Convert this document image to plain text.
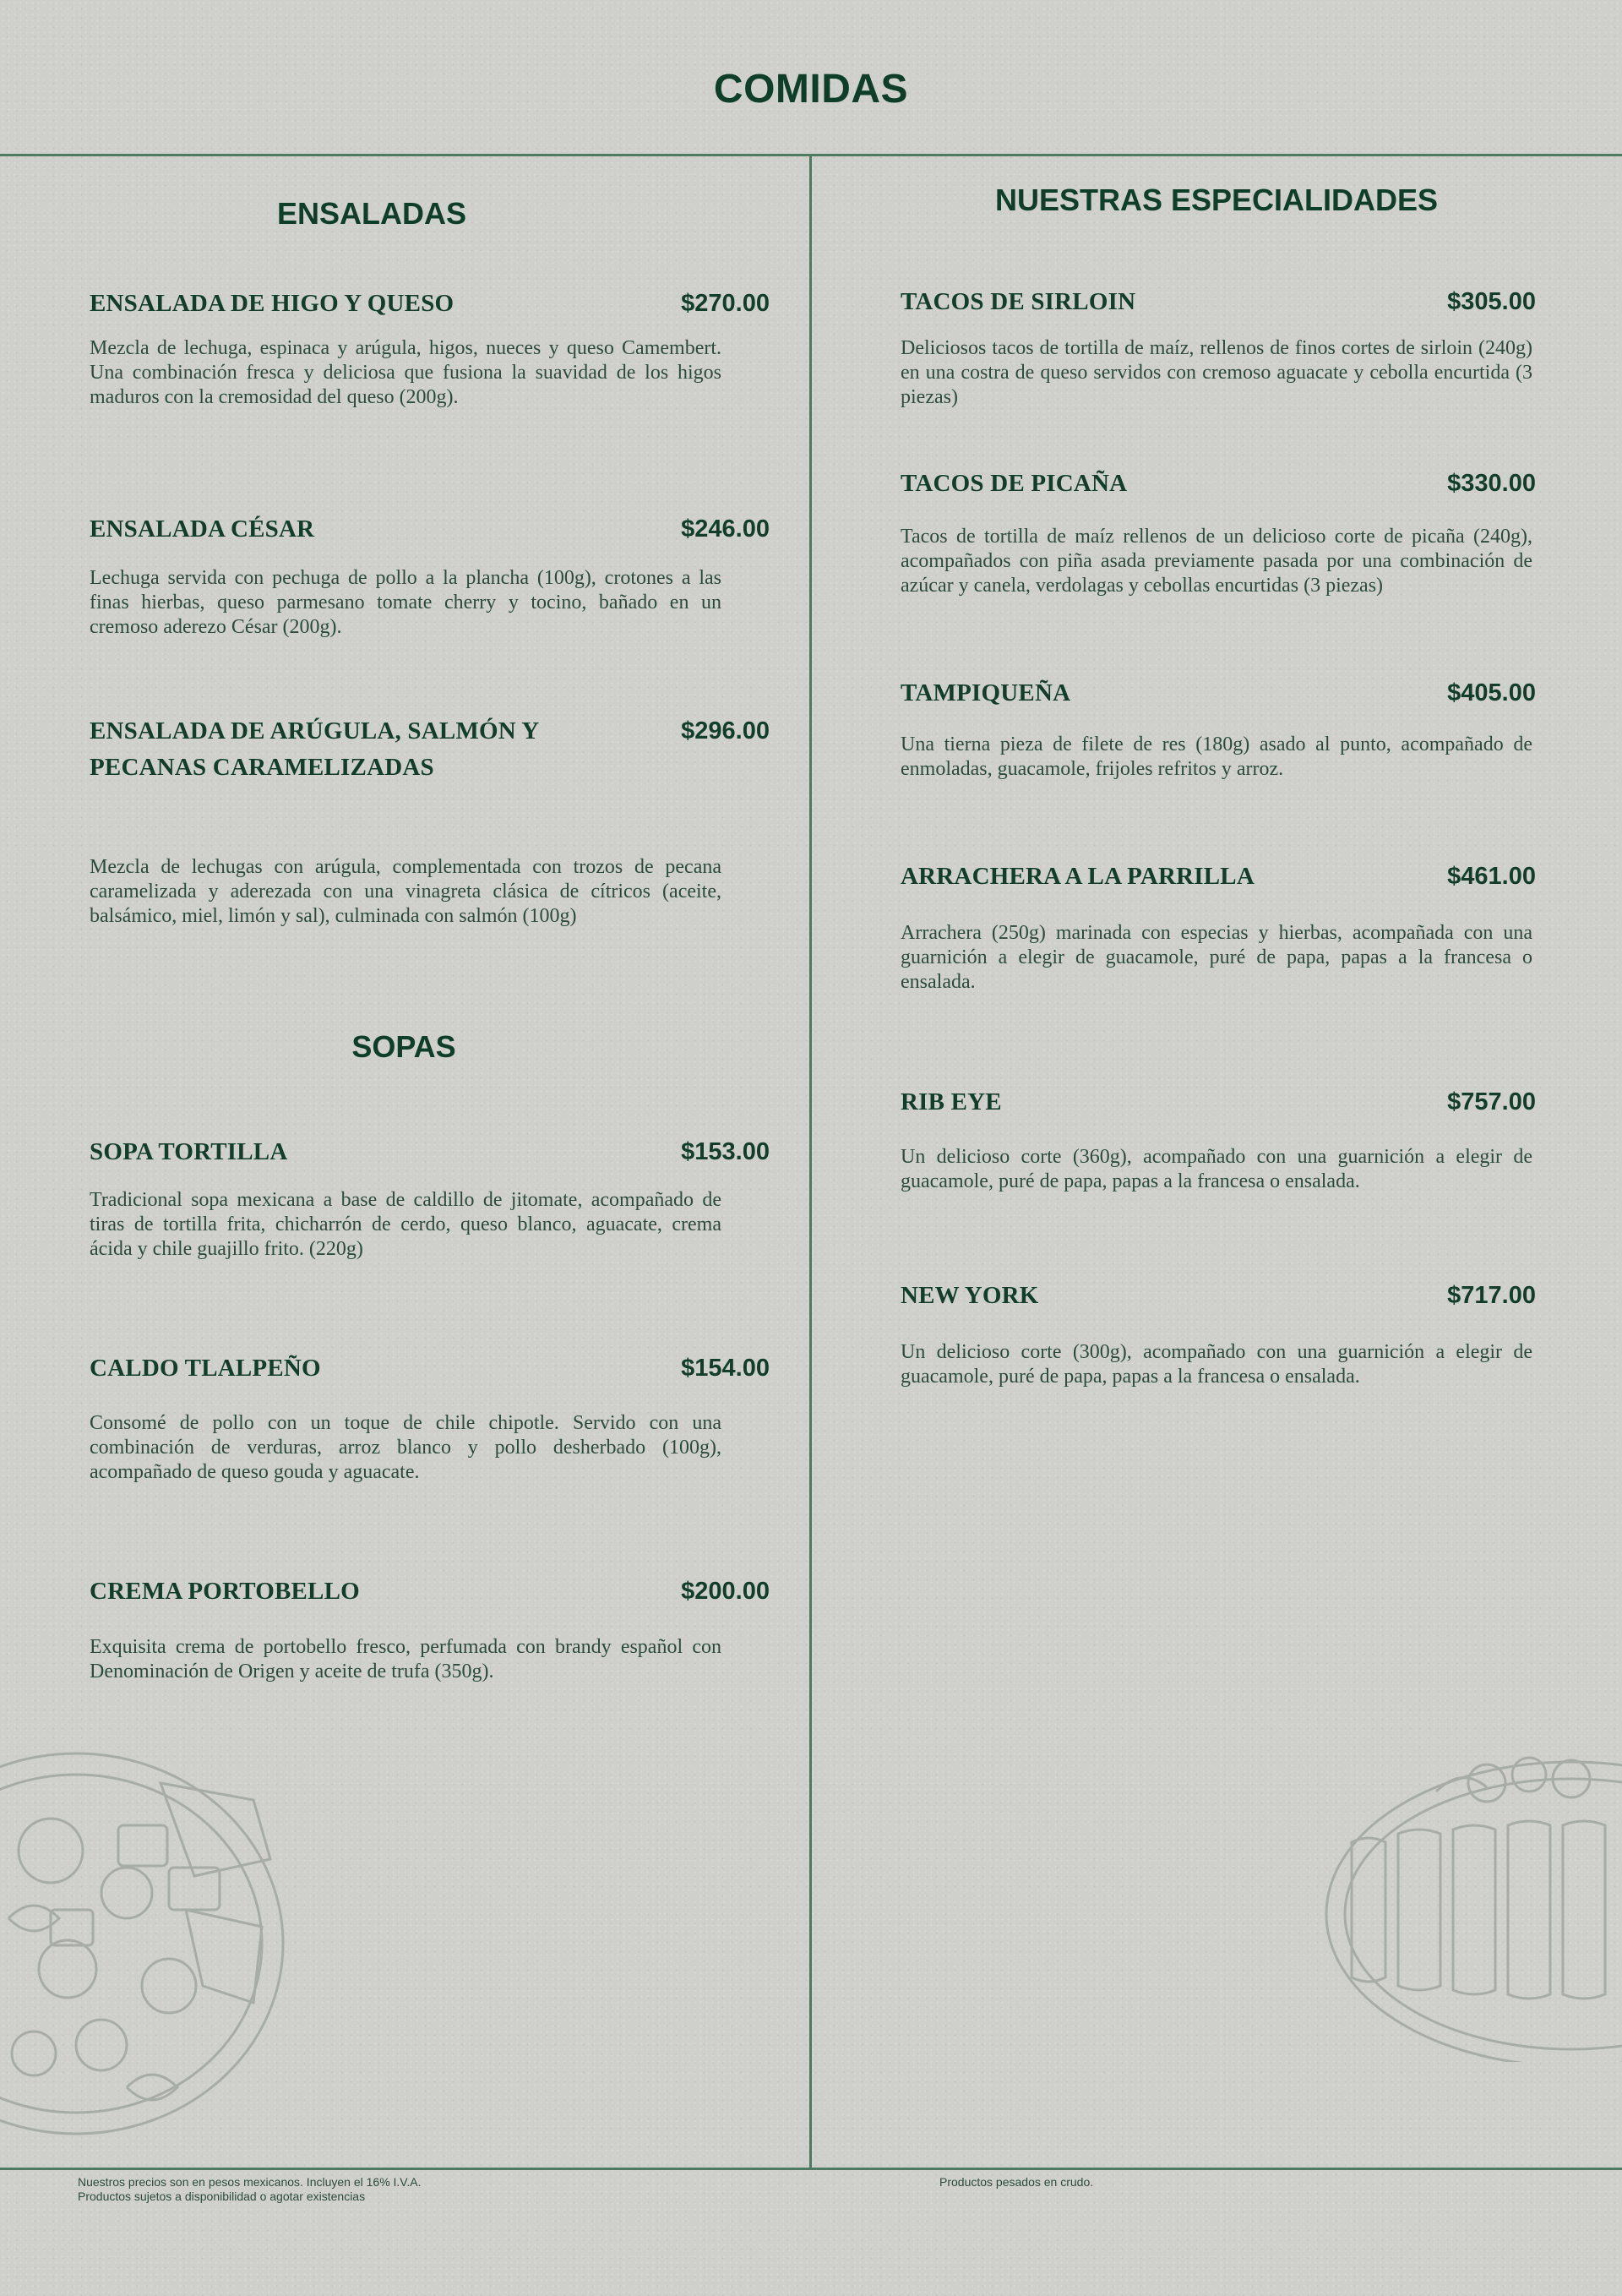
COMIDAS
ENSALADAS
ENSALADA DE HIGO Y QUESO	$270.00
Mezcla de lechuga, espinaca y arúgula, higos, nueces y queso Camembert. Una combinación fresca y deliciosa que fusiona la suavidad de los higos maduros con la cremosidad del queso (200g).
ENSALADA CÉSAR	$246.00
Lechuga servida con pechuga de pollo a la plancha (100g), crotones a las finas hierbas, queso parmesano tomate cherry y tocino, bañado en un cremoso aderezo César (200g).
ENSALADA DE ARÚGULA, SALMÓN Y PECANAS CARAMELIZADAS
$296.00
Mezcla de lechugas con arúgula, complementada con trozos de pecana caramelizada y aderezada con una vinagreta clásica de cítricos (aceite, balsámico, miel, limón y sal), culminada con salmón (100g)
SOPAS
SOPA TORTILLA	$153.00
Tradicional sopa mexicana a base de caldillo de jitomate, acompañado de tiras de tortilla frita, chicharrón de cerdo, queso blanco, aguacate, crema ácida y chile guajillo frito. (220g)
CALDO TLALPEÑO	$154.00
Consomé de pollo con un toque de chile chipotle. Servido con una combinación de verduras, arroz blanco y pollo desherbado (100g), acompañado de queso gouda y aguacate.
CREMA PORTOBELLO	$200.00
Exquisita crema de portobello fresco, perfumada con brandy español con Denominación de Origen y aceite de trufa (350g).
NUESTRAS ESPECIALIDADES
TACOS DE SIRLOIN	$305.00
Deliciosos tacos de tortilla de maíz, rellenos de finos cortes de sirloin (240g) en una costra de queso servidos con cremoso aguacate y cebolla encurtida (3 piezas)
TACOS DE PICAÑA	$330.00
Tacos de tortilla de maíz rellenos de un delicioso corte de picaña (240g), acompañados con piña asada previamente pasada por una combinación de azúcar y canela, verdolagas y cebollas encurtidas (3 piezas)
TAMPIQUEÑA	$405.00
Una tierna pieza de filete de res (180g) asado al punto, acompañado de enmoladas, guacamole, frijoles refritos y arroz.
ARRACHERA A LA PARRILLA	$461.00
Arrachera (250g) marinada con especias y hierbas, acompañada con una guarnición a elegir de guacamole, puré de papa, papas a la francesa o ensalada.
RIB EYE	$757.00
Un delicioso corte (360g), acompañado con una guarnición a elegir de guacamole, puré de papa, papas a la francesa o ensalada.
NEW YORK	$717.00
Un delicioso corte (300g), acompañado con una guarnición a elegir de guacamole, puré de papa, papas a la francesa o ensalada.
Nuestros precios son en pesos mexicanos. Incluyen el 16% I.V.A.
Productos sujetos a disponibilidad o agotar existencias
Productos pesados en crudo.
